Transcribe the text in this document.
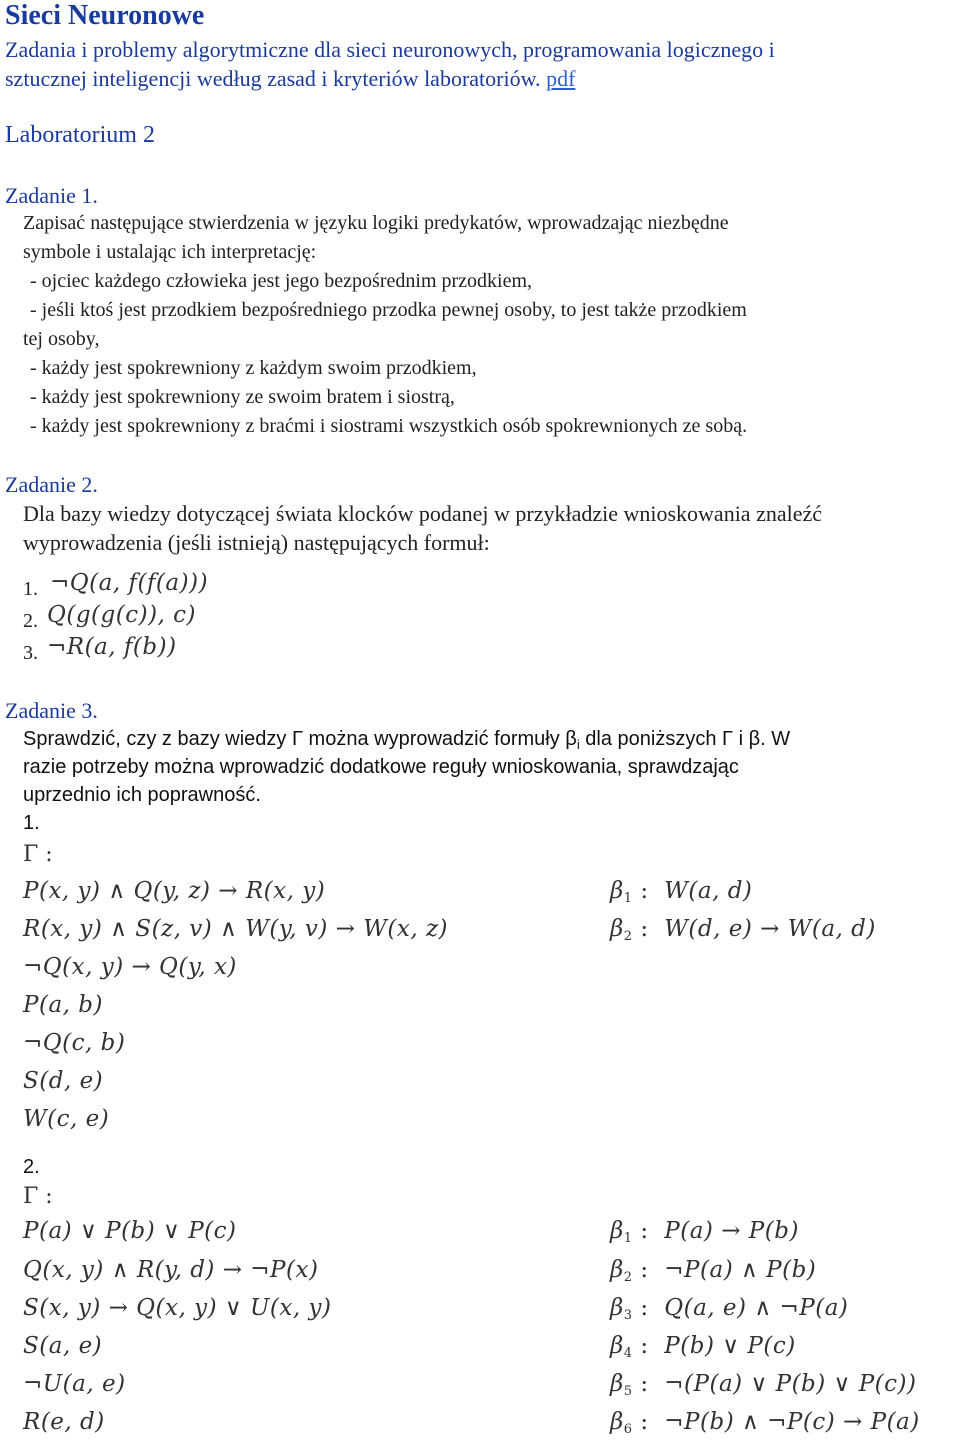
Sieci Neuronowe
Zadania i problemy algorytmiczne dla sieci neuronowych, programowania logicznego i
sztucznej inteligencji według zasad i kryteriów laboratoriów. pdf
Laboratorium 2
Zadanie 1.
Zapisać następujące stwierdzenia w języku logiki predykatów, wprowadzając niezbędne
symbole i ustalając ich interpretację:
- ojciec każdego człowieka jest jego bezpośrednim przodkiem,
- jeśli ktoś jest przodkiem bezpośredniego przodka pewnej osoby, to jest także przodkiem
tej osoby,
- każdy jest spokrewniony z każdym swoim przodkiem,
- każdy jest spokrewniony ze swoim bratem i siostrą,
- każdy jest spokrewniony z braćmi i siostrami wszystkich osób spokrewnionych ze sobą.
Zadanie 2.
Dla bazy wiedzy dotyczącej świata klocków podanej w przykładzie wnioskowania znaleźć
wyprowadzenia (jeśli istnieją) następujących formuł:
1. ¬Q(a, f(f(a)))
2. Q(g(g(c)), c)
3. ¬R(a, f(b))
Zadanie 3.
Sprawdzić, czy z bazy wiedzy Γ można wyprowadzić formuły $\beta_i$ dla poniższych Γ i β. W
razie potrzeby można wprowadzić dodatkowe reguły wnioskowania, sprawdzając
uprzednio ich poprawność.
1.
Γ :
P(x, y) ∧ Q(y, z) → R(x, y)
R(x, y) ∧ S(z, v) ∧ W(y, v) → W(x, z)
¬Q(x, y) → Q(y, x)
P(a, b)
¬Q(c, b)
S(d, e)
W(c, e)
$\beta_1$ : W(a, d)
$\beta_2$ : W(d, e) → W(a, d)
2.
Γ :
P(a) ∨ P(b) ∨ P(c)
Q(x, y) ∧ R(y, d) → ¬P(x)
S(x, y) → Q(x, y) ∨ U(x, y)
S(a, e)
¬U(a, e)
R(e, d)
$\beta_1$ : P(a) → P(b)
$\beta_2$ : ¬P(a) ∧ P(b)
$\beta_3$ : Q(a, e) ∧ ¬P(a)
$\beta_4$ : P(b) ∨ P(c)
$\beta_5$ : ¬(P(a) ∨ P(b) ∨ P(c))
$\beta_6$ : ¬P(b) ∧ ¬P(c) → P(a)
